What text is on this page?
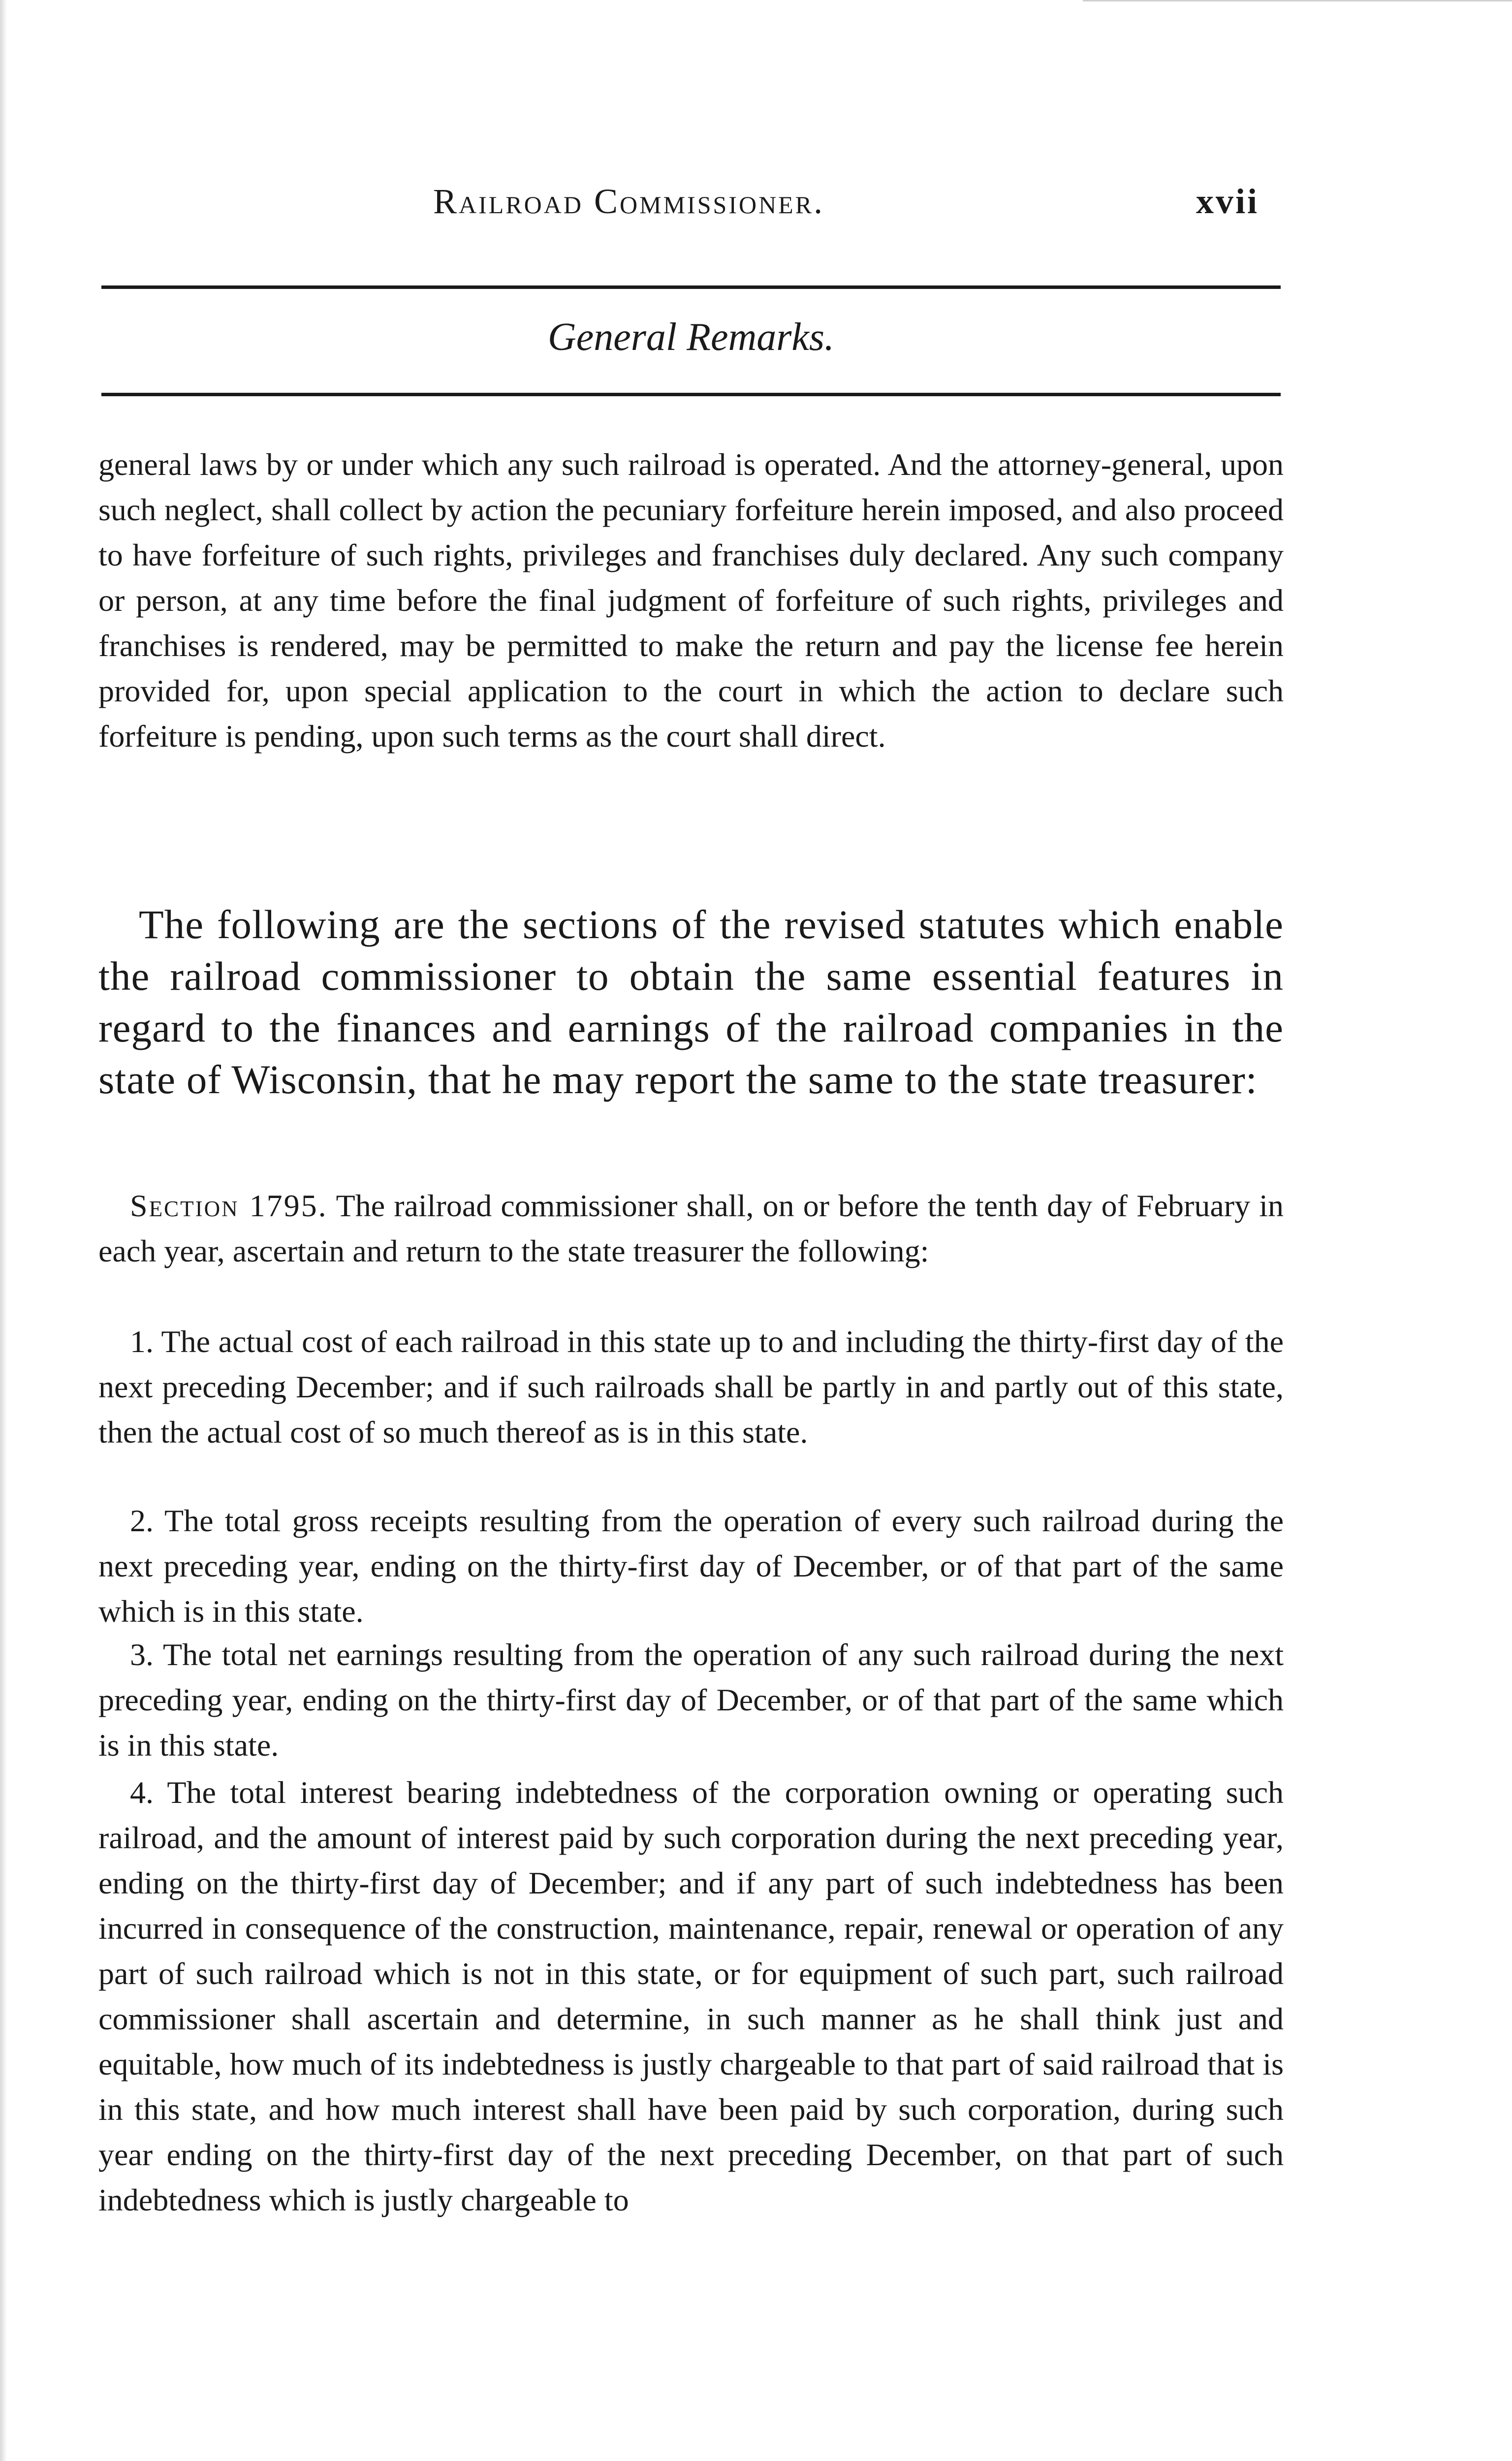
Railroad Commissioner.	xvii
General Remarks.

general laws by or under which any such railroad is operated. And the attorney-general, upon such neglect, shall collect by action the pecuniary forfeiture herein imposed, and also proceed to have forfeiture of such rights, privileges and franchises duly declared. Any such company or person, at any time before the final judgment of forfeiture of such rights, privileges and franchises is rendered, may be permitted to make the return and pay the license fee herein provided for, upon special application to the court in which the action to declare such forfeiture is pending, upon such terms as the court shall direct.

The following are the sections of the revised statutes which enable the railroad commissioner to obtain the same essential features in regard to the finances and earnings of the railroad companies in the state of Wisconsin, that he may report the same to the state treasurer:

Section 1795. The railroad commissioner shall, on or before the tenth day of February in each year, ascertain and return to the state treasurer the following:

1. The actual cost of each railroad in this state up to and including the thirty-first day of the next preceding December; and if such railroads shall be partly in and partly out of this state, then the actual cost of so much thereof as is in this state.

2. The total gross receipts resulting from the operation of every such railroad during the next preceding year, ending on the thirty-first day of December, or of that part of the same which is in this state.

3. The total net earnings resulting from the operation of any such railroad during the next preceding year, ending on the thirty-first day of December, or of that part of the same which is in this state.

4. The total interest bearing indebtedness of the corporation owning or operating such railroad, and the amount of interest paid by such corporation during the next preceding year, ending on the thirty-first day of December; and if any part of such indebtedness has been incurred in consequence of the construction, maintenance, repair, renewal or operation of any part of such railroad which is not in this state, or for equipment of such part, such railroad commissioner shall ascertain and determine, in such manner as he shall think just and equitable, how much of its indebtedness is justly chargeable to that part of said railroad that is in this state, and how much interest shall have been paid by such corporation, during such year ending on the thirty-first day of the next preceding December, on that part of such indebtedness which is justly chargeable to
